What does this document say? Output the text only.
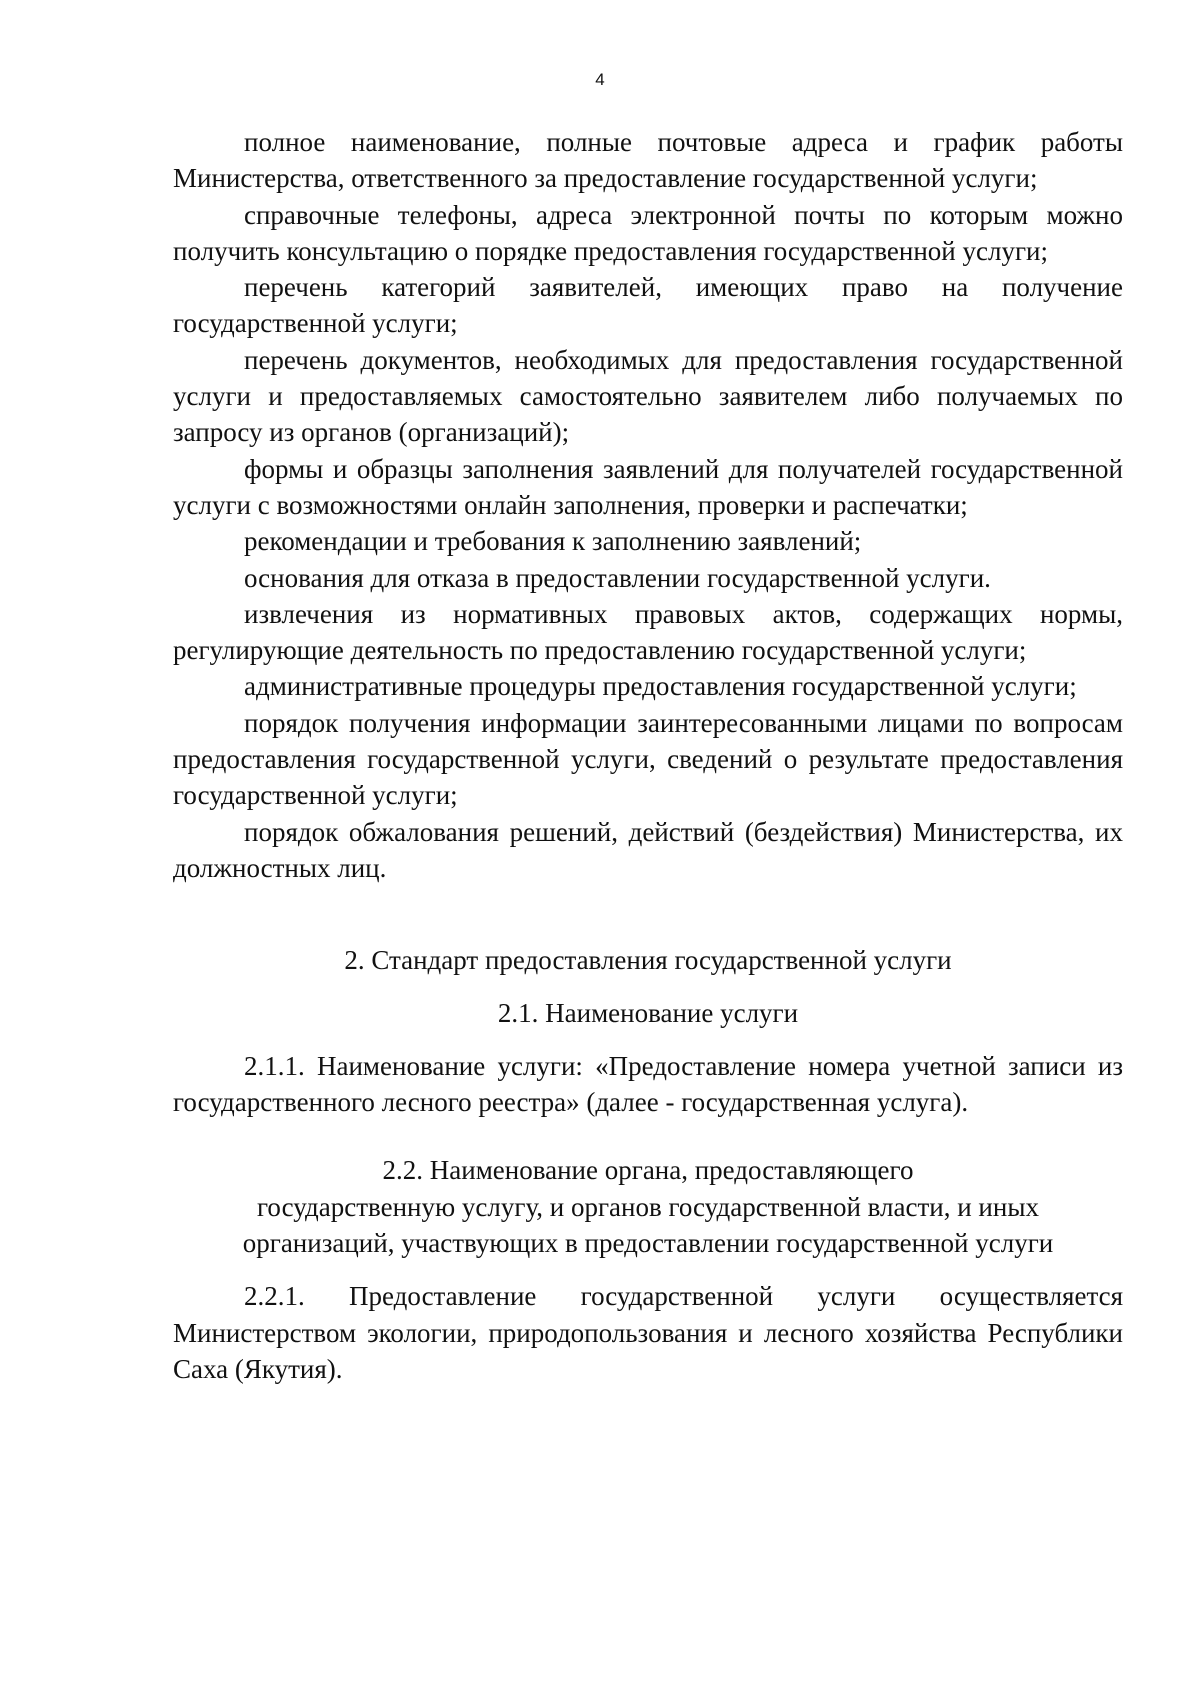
4

полное наименование, полные почтовые адреса и график работы Министерства, ответственного за предоставление государственной услуги;

справочные телефоны, адреса электронной почты по которым можно получить консультацию о порядке предоставления государственной услуги;

перечень категорий заявителей, имеющих право на получение государственной услуги;

перечень документов, необходимых для предоставления государственной услуги и предоставляемых самостоятельно заявителем либо получаемых по запросу из органов (организаций);

формы и образцы заполнения заявлений для получателей государственной услуги с возможностями онлайн заполнения, проверки и распечатки;

рекомендации и требования к заполнению заявлений;

основания для отказа в предоставлении государственной услуги.

извлечения из нормативных правовых актов, содержащих нормы, регулирующие деятельность по предоставлению государственной услуги;

административные процедуры предоставления государственной услуги;

порядок получения информации заинтересованными лицами по вопросам предоставления государственной услуги, сведений о результате предоставления государственной услуги;

порядок обжалования решений, действий (бездействия) Министерства, их должностных лиц.

2. Стандарт предоставления государственной услуги

2.1. Наименование услуги

2.1.1. Наименование услуги: «Предоставление номера учетной записи из государственного лесного реестра» (далее - государственная услуга).

2.2. Наименование органа, предоставляющего

государственную услугу, и органов государственной власти, и иных

организаций, участвующих в предоставлении государственной услуги

2.2.1. Предоставление государственной услуги осуществляется Министерством экологии, природопользования и лесного хозяйства Республики Саха (Якутия).
